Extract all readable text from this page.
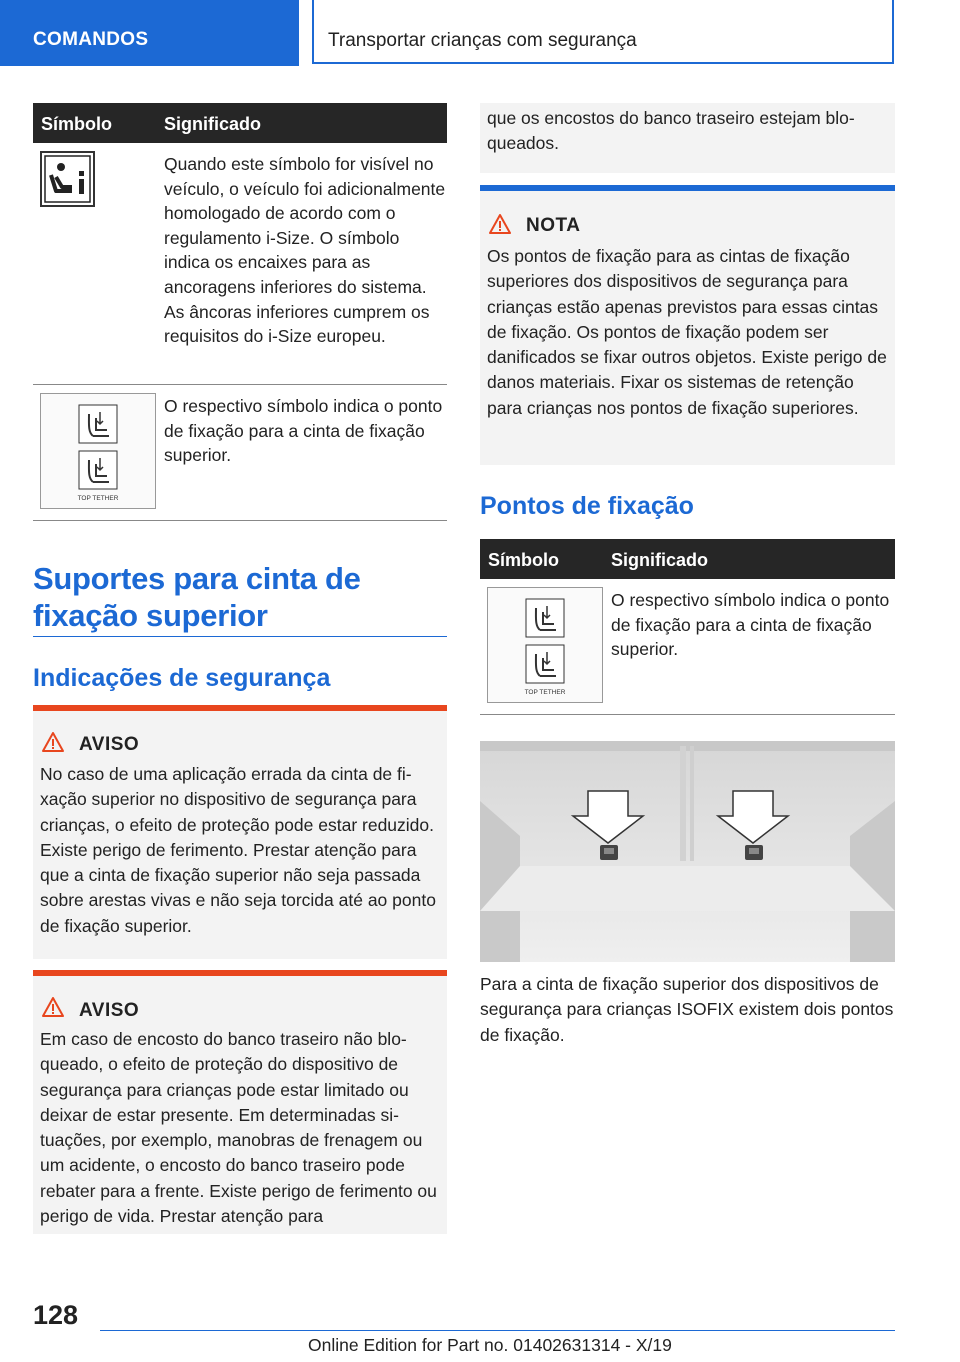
COMANDOS	Transportar crianças com segurança
Símbolo	Significado
Quando este símbolo for visível no veículo, o veículo foi adicionalmente homologado de acordo com o regulamento i-Size. O símbolo indica os encaixes para as ancoragens inferiores do sistema. As âncoras inferiores cumprem os requisitos do i-Size europeu.
TOP TETHER
O respectivo símbolo indica o ponto de fixação para a cinta de fixação superior.
Suportes para cinta de fixação superior
Indicações de segurança
AVISO
No caso de uma aplicação errada da cinta de fixação superior no dispositivo de segurança para crianças, o efeito de proteção pode estar reduzido. Existe perigo de ferimento. Prestar atenção para que a cinta de fixação superior não seja passada sobre arestas vivas e não seja torcida até ao ponto de fixação superior.
AVISO
Em caso de encosto do banco traseiro não bloqueado, o efeito de proteção do dispositivo de segurança para crianças pode estar limitado ou deixar de estar presente. Em determinadas situações, por exemplo, manobras de frenagem ou um acidente, o encosto do banco traseiro pode rebater para a frente. Existe perigo de ferimento ou perigo de vida. Prestar atenção para
que os encostos do banco traseiro estejam bloqueados.
NOTA
Os pontos de fixação para as cintas de fixação superiores dos dispositivos de segurança para crianças estão apenas previstos para essas cintas de fixação. Os pontos de fixação podem ser danificados se fixar outros objetos. Existe perigo de danos materiais. Fixar os sistemas de retenção para crianças nos pontos de fixação superiores.
Pontos de fixação
Símbolo	Significado
TOP TETHER
O respectivo símbolo indica o ponto de fixação para a cinta de fixação superior.
Para a cinta de fixação superior dos dispositivos de segurança para crianças ISOFIX existem dois pontos de fixação.
128
Online Edition for Part no. 01402631314 - X/19
